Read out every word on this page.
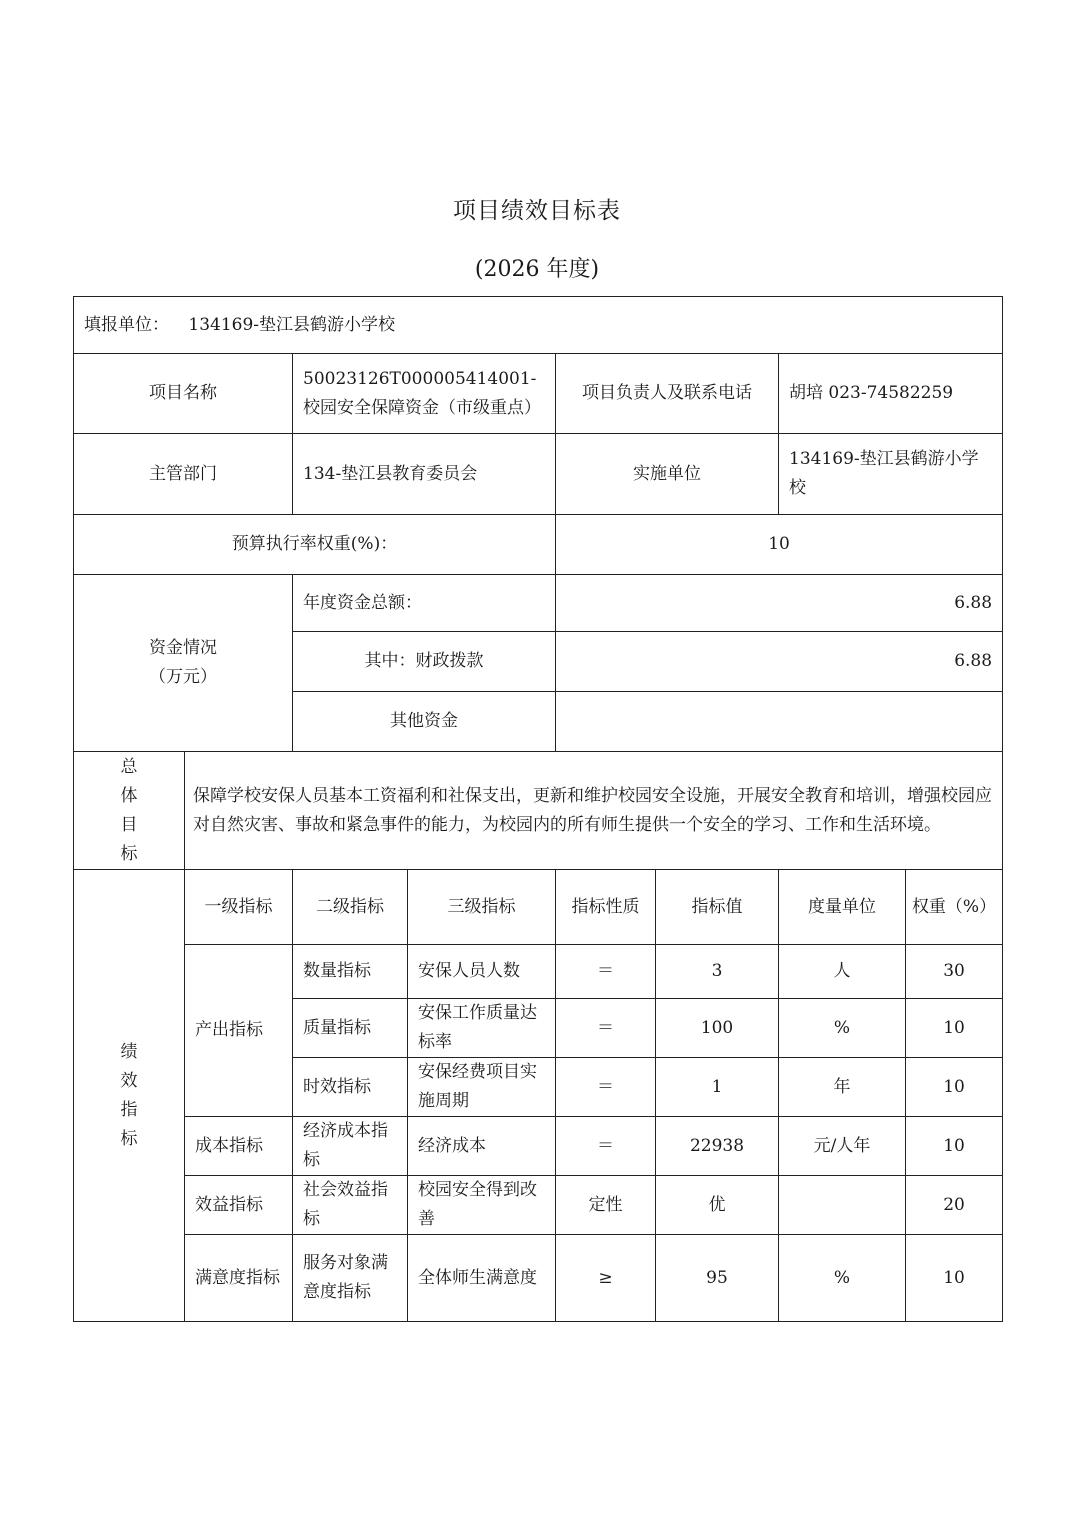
项目绩效目标表
(2026 年度)
填报单位： 134169-垫江县鹤游小学校							
项目名称		50023126T000005414001-校园安全保障资金（市级重点）		项目负责人及联系电话		胡培 023-74582259	
主管部门		134-垫江县教育委员会		实施单位		134169-垫江县鹤游小学校	
预算执行率权重(%)：				10			

资金情况
（万元）		年度资金总额：		6.88			
		其中：财政拨款		6.88			
		其他资金					

总
体
目
标	保障学校安保人员基本工资福利和社保支出，更新和维护校园安全设施，开展安全教育和培训，增强校园应对自然灾害、事故和紧急事件的能力，为校园内的所有师生提供一个安全的学习、工作和生活环境。						

绩
效
指
标	一级指标	二级指标	三级指标	指标性质	指标值	度量单位	权重（%）
	产出指标	数量指标	安保人员人数	＝	3	人	30
		质量指标	安保工作质量达标率	＝	100	%	10
		时效指标	安保经费项目实施周期	＝	1	年	10
	成本指标	经济成本指标	经济成本	＝	22938	元/人年	10
	效益指标	社会效益指标	校园安全得到改善	定性	优		20
	满意度指标	服务对象满意度指标	全体师生满意度	≥	95	%	10
